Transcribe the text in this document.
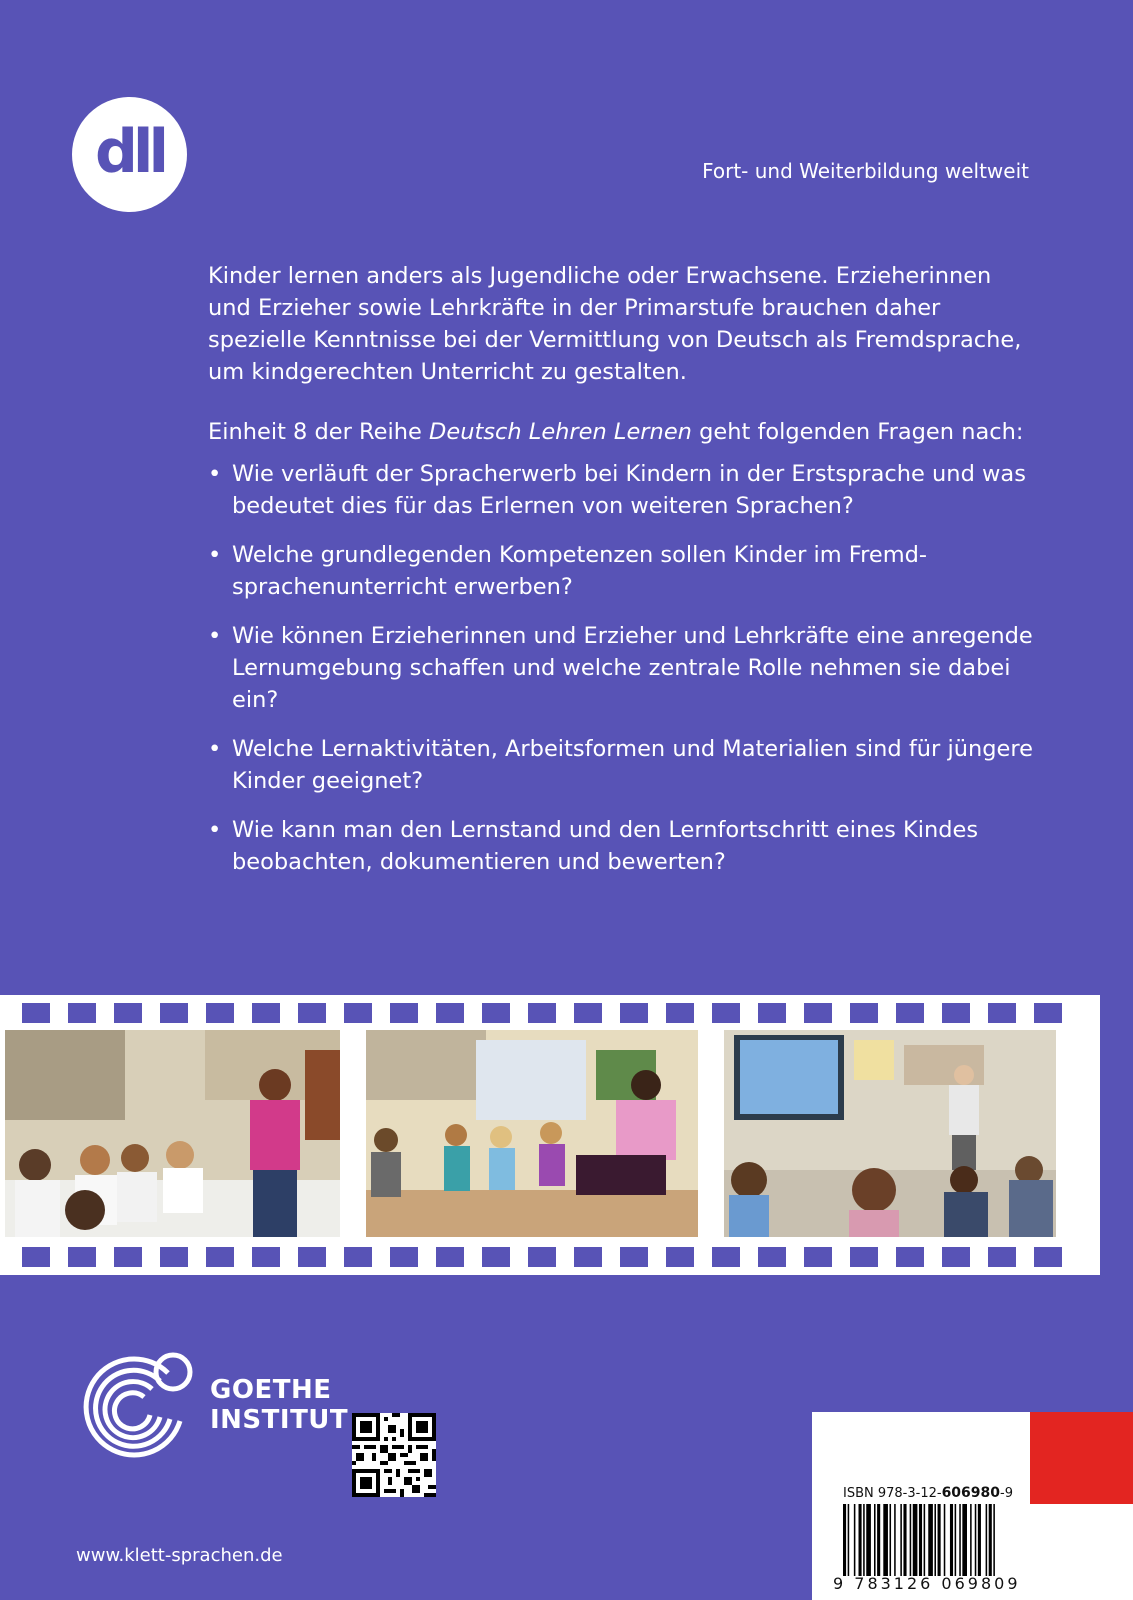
dll	Fort- und Weiterbildung weltweit

Kinder lernen anders als Jugendliche oder Erwachsene. Erzieherinnen und Erzieher sowie Lehrkräfte in der Primarstufe brauchen daher spezielle Kenntnisse bei der Vermittlung von Deutsch als Fremdsprache, um kindgerechten Unterricht zu gestalten.

Einheit 8 der Reihe Deutsch Lehren Lernen geht folgenden Fragen nach:

• Wie verläuft der Spracherwerb bei Kindern in der Erstsprache und was bedeutet dies für das Erlernen von weiteren Sprachen?
• Welche grundlegenden Kompetenzen sollen Kinder im Fremd-sprachenunterricht erwerben?
• Wie können Erzieherinnen und Erzieher und Lehrkräfte eine anregende Lernumgebung schaffen und welche zentrale Rolle nehmen sie dabei ein?
• Welche Lernaktivitäten, Arbeitsformen und Materialien sind für jüngere Kinder geeignet?
• Wie kann man den Lernstand und den Lernfortschritt eines Kindes beobachten, dokumentieren und bewerten?
GOETHE
INSTITUT
www.klett-sprachen.de
ISBN 978-3-12-606980-9
9 783126 069809
